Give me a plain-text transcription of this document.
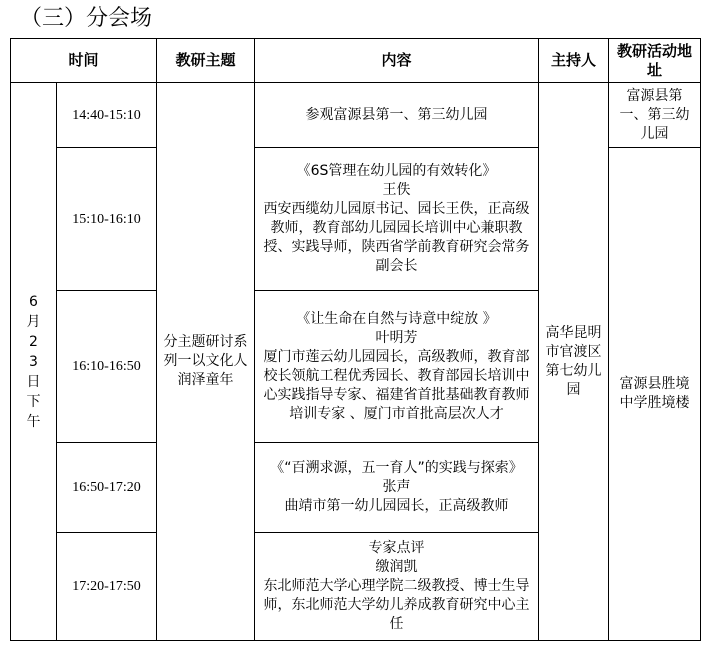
（三）分会场
时间		教研主题	内容	主持人	教研活动地址

6月23日下午	14:40-15:10	分主题研讨系列一以文化人润泽童年	参观富源县第一、第三幼儿园	高华昆明市官渡区第七幼儿园	富源县第一、第三幼儿园
	15:10-16:10		《6S管理在幼儿园的有效转化》
王佚
西安西缆幼儿园原书记、园长王佚，正高级教师，教育部幼儿园园长培训中心兼职教授、实践导师，陕西省学前教育研究会常务副会长		富源县胜境中学胜境楼
	16:10-16:50		《让生命在自然与诗意中绽放 》
叶明芳
厦门市莲云幼儿园园长，高级教师，教育部校长领航工程优秀园长、教育部园长培训中心实践指导专家、福建省首批基础教育教师培训专家 、厦门市首批高层次人才		

	16:50-17:20		《“百溯求源，五一育人”的实践与探索》
张声
曲靖市第一幼儿园园长，正高级教师		

	17:20-17:50		专家点评
缴润凯
东北师范大学心理学院二级教授、博士生导师，东北师范大学幼儿养成教育研究中心主任		
